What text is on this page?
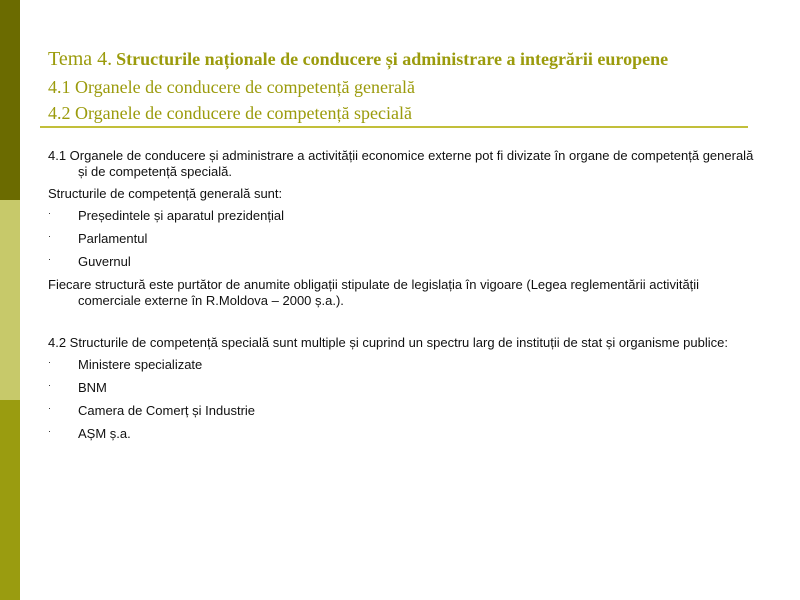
Tema 4. Structurile naționale de conducere și administrare a integrării europene
4.1 Organele de conducere de competență generală
4.2 Organele de conducere de competență specială

4.1 Organele de conducere și administrare a activității economice externe pot fi divizate în organe de competență generală și de competență specială.

Structurile de competență generală sunt:

·	Președintele și aparatul prezidențial
·	Parlamentul
·	Guvernul

Fiecare structură este purtător de anumite obligații stipulate de legislația în vigoare (Legea reglementării activității comerciale externe în R.Moldova – 2000 ș.a.).

4.2 Structurile de competență specială sunt multiple și cuprind un spectru larg de instituții de stat și organisme publice:

·	Ministere specializate
·	BNM
·	Camera de Comerț și Industrie
·	AȘM ș.a.
